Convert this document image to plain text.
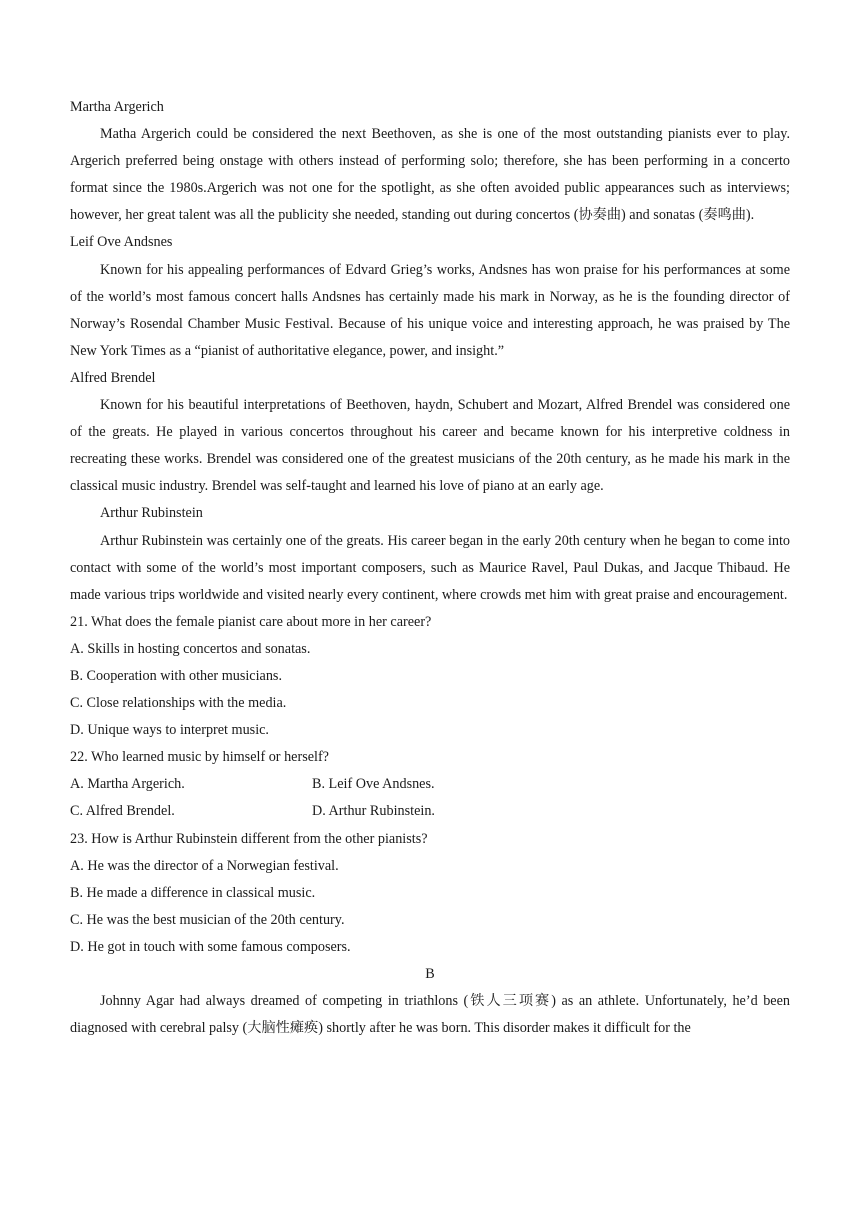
Martha Argerich
Matha Argerich could be considered the next Beethoven, as she is one of the most outstanding pianists ever to play. Argerich preferred being onstage with others instead of performing solo; therefore, she has been performing in a concerto format since the 1980s.Argerich was not one for the spotlight, as she often avoided public appearances such as interviews; however, her great talent was all the publicity she needed, standing out during concertos (协奏曲) and sonatas (奏鸣曲).
Leif Ove Andsnes
Known for his appealing performances of Edvard Grieg’s works, Andsnes has won praise for his performances at some of the world’s most famous concert halls Andsnes has certainly made his mark in Norway, as he is the founding director of Norway’s Rosendal Chamber Music Festival. Because of his unique voice and interesting approach, he was praised by The New York Times as a “pianist of authoritative elegance, power, and insight.”
Alfred Brendel
Known for his beautiful interpretations of Beethoven, haydn, Schubert and Mozart, Alfred Brendel was considered one of the greats. He played in various concertos throughout his career and became known for his interpretive coldness in recreating these works. Brendel was considered one of the greatest musicians of the 20th century, as he made his mark in the classical music industry. Brendel was self-taught and learned his love of piano at an early age.
Arthur Rubinstein
Arthur Rubinstein was certainly one of the greats. His career began in the early 20th century when he began to come into contact with some of the world’s most important composers, such as Maurice Ravel, Paul Dukas, and Jacque Thibaud. He made various trips worldwide and visited nearly every continent, where crowds met him with great praise and encouragement.
21. What does the female pianist care about more in her career?
A. Skills in hosting concertos and sonatas.
B. Cooperation with other musicians.
C. Close relationships with the media.
D. Unique ways to interpret music.
22. Who learned music by himself or herself?
A. Martha Argerich.	B. Leif Ove Andsnes.
C. Alfred Brendel.	D. Arthur Rubinstein.
23. How is Arthur Rubinstein different from the other pianists?
A. He was the director of a Norwegian festival.
B. He made a difference in classical music.
C. He was the best musician of the 20th century.
D. He got in touch with some famous composers.
B
Johnny Agar had always dreamed of competing in triathlons (铁人三项赛) as an athlete. Unfortunately, he’d been diagnosed with cerebral palsy (大脑性瘫痪) shortly after he was born. This disorder makes it difficult for the
